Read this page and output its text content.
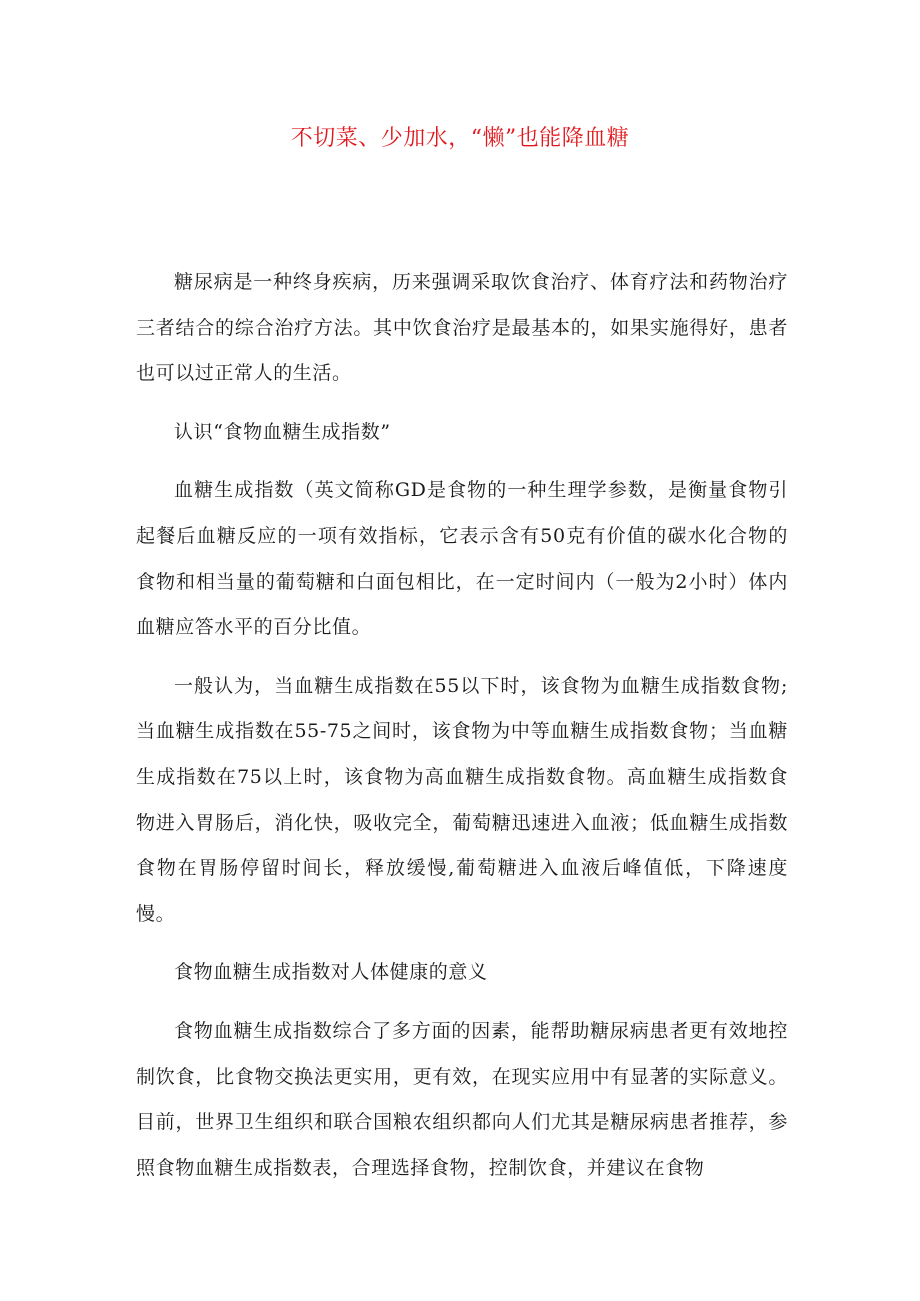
不切菜、少加水，“懒”也能降血糖

糖尿病是一种终身疾病，历来强调采取饮食治疗、体育疗法和药物治疗三者结合的综合治疗方法。其中饮食治疗是最基本的，如果实施得好，患者也可以过正常人的生活。

认识“食物血糖生成指数”

血糖生成指数（英文简称GD是食物的一种生理学参数，是衡量食物引起餐后血糖反应的一项有效指标，它表示含有50克有价值的碳水化合物的食物和相当量的葡萄糖和白面包相比，在一定时间内（一般为2小时）体内血糖应答水平的百分比值。

一般认为，当血糖生成指数在55以下时，该食物为血糖生成指数食物;当血糖生成指数在55-75之间时，该食物为中等血糖生成指数食物；当血糖生成指数在75以上时，该食物为高血糖生成指数食物。高血糖生成指数食物进入胃肠后，消化快，吸收完全，葡萄糖迅速进入血液；低血糖生成指数食物在胃肠停留时间长，释放缓慢,葡萄糖进入血液后峰值低，下降速度慢。

食物血糖生成指数对人体健康的意义

食物血糖生成指数综合了多方面的因素，能帮助糖尿病患者更有效地控制饮食，比食物交换法更实用，更有效，在现实应用中有显著的实际意义。目前，世界卫生组织和联合国粮农组织都向人们尤其是糖尿病患者推荐，参照食物血糖生成指数表，合理选择食物，控制饮食，并建议在食物
